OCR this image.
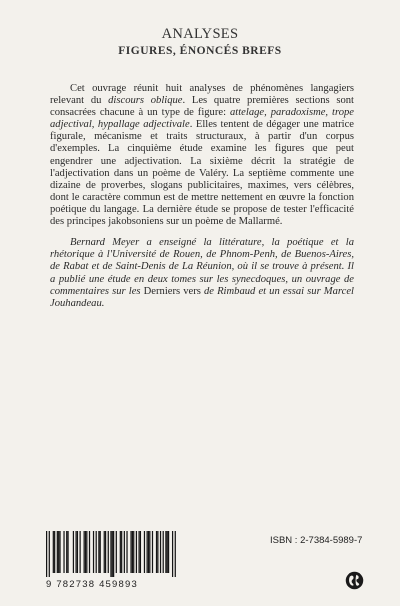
ANALYSES
FIGURES, ÉNONCÉS BREFS

Cet ouvrage réunit huit analyses de phénomènes langagiers relevant du discours oblique. Les quatre premières sections sont consacrées chacune à un type de figure: attelage, paradoxisme, trope adjectival, hypallage adjectivale. Elles tentent de dégager une matrice figurale, mécanisme et traits structuraux, à partir d'un corpus d'exemples. La cinquième étude examine les figures que peut engendrer une adjectivation. La sixième décrit la stratégie de l'adjectivation dans un poème de Valéry. La septième commente une dizaine de proverbes, slogans publicitaires, maximes, vers célèbres, dont le caractère commun est de mettre nettement en œuvre la fonction poétique du langage. La dernière étude se propose de tester l'efficacité des principes jakobsoniens sur un poème de Mallarmé.

Bernard Meyer a enseigné la littérature, la poétique et la rhétorique à l'Université de Rouen, de Phnom-Penh, de Buenos-Aires, de Rabat et de Saint-Denis de La Réunion, où il se trouve à présent. Il a publié une étude en deux tomes sur les synecdoques, un ouvrage de commentaires sur les Derniers vers de Rimbaud et un essai sur Marcel Jouhandeau.

9 782738 459893
ISBN : 2-7384-5989-7
